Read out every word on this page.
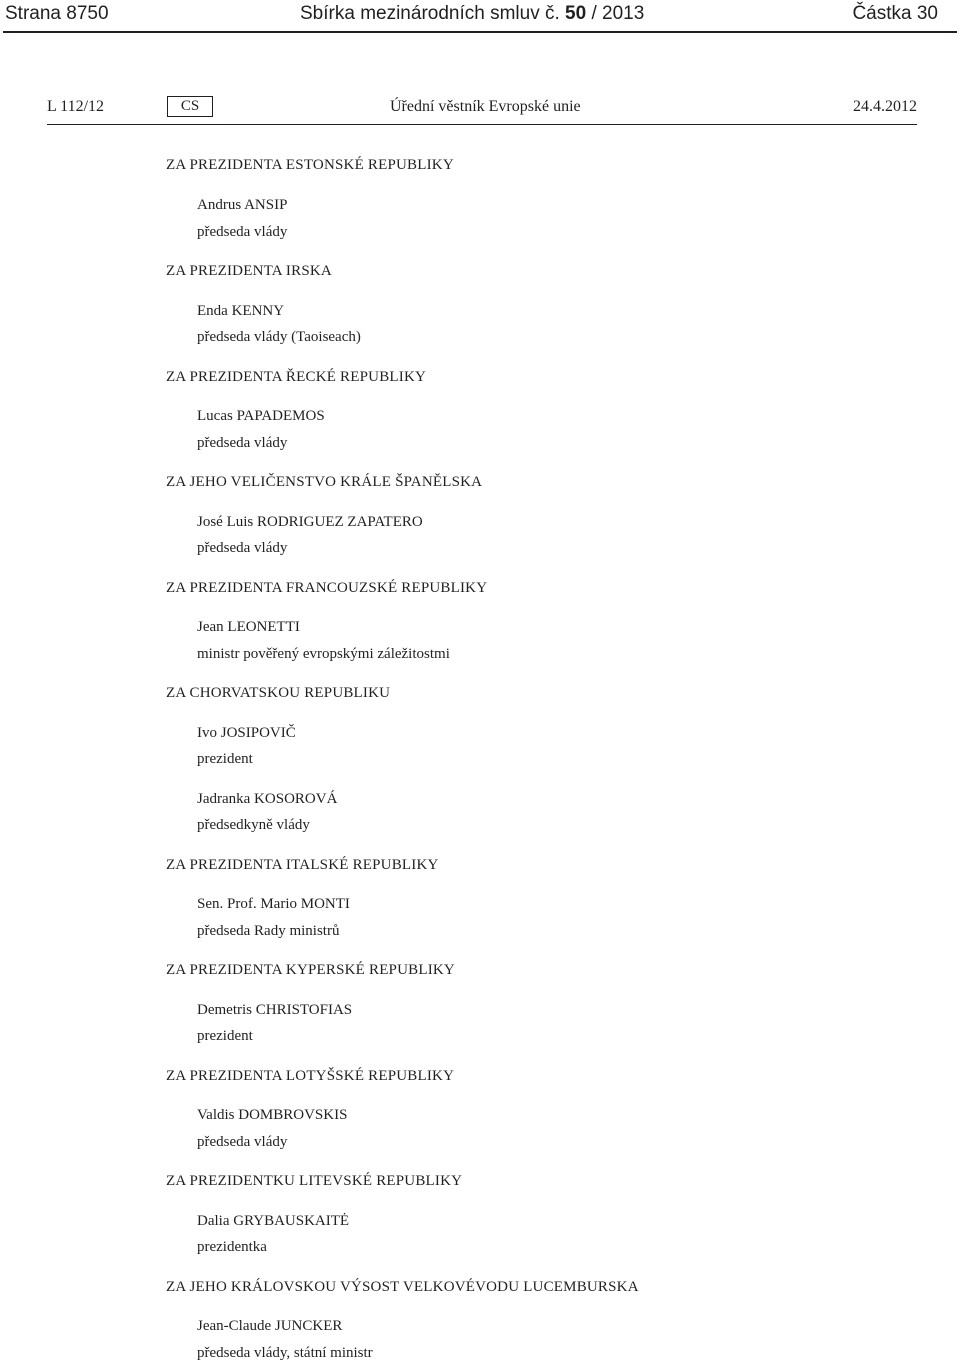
Strana 8750	Sbírka mezinárodních smluv č. 50 / 2013	Částka 30
L 112/12	CS	Úřední věstník Evropské unie	24.4.2012
ZA PREZIDENTA ESTONSKÉ REPUBLIKY
Andrus ANSIP
předseda vlády
ZA PREZIDENTA IRSKA
Enda KENNY
předseda vlády (Taoiseach)
ZA PREZIDENTA ŘECKÉ REPUBLIKY
Lucas PAPADEMOS
předseda vlády
ZA JEHO VELIČENSTVO KRÁLE ŠPANĚLSKA
José Luis RODRIGUEZ ZAPATERO
předseda vlády
ZA PREZIDENTA FRANCOUZSKÉ REPUBLIKY
Jean LEONETTI
ministr pověřený evropskými záležitostmi
ZA CHORVATSKOU REPUBLIKU
Ivo JOSIPOVIČ
prezident
Jadranka KOSOROVÁ
předsedkyně vlády
ZA PREZIDENTA ITALSKÉ REPUBLIKY
Sen. Prof. Mario MONTI
předseda Rady ministrů
ZA PREZIDENTA KYPERSKÉ REPUBLIKY
Demetris CHRISTOFIAS
prezident
ZA PREZIDENTA LOTYŠSKÉ REPUBLIKY
Valdis DOMBROVSKIS
předseda vlády
ZA PREZIDENTKU LITEVSKÉ REPUBLIKY
Dalia GRYBAUSKAITĖ
prezidentka
ZA JEHO KRÁLOVSKOU VÝSOST VELKOVÉVODU LUCEMBURSKA
Jean-Claude JUNCKER
předseda vlády, státní ministr
